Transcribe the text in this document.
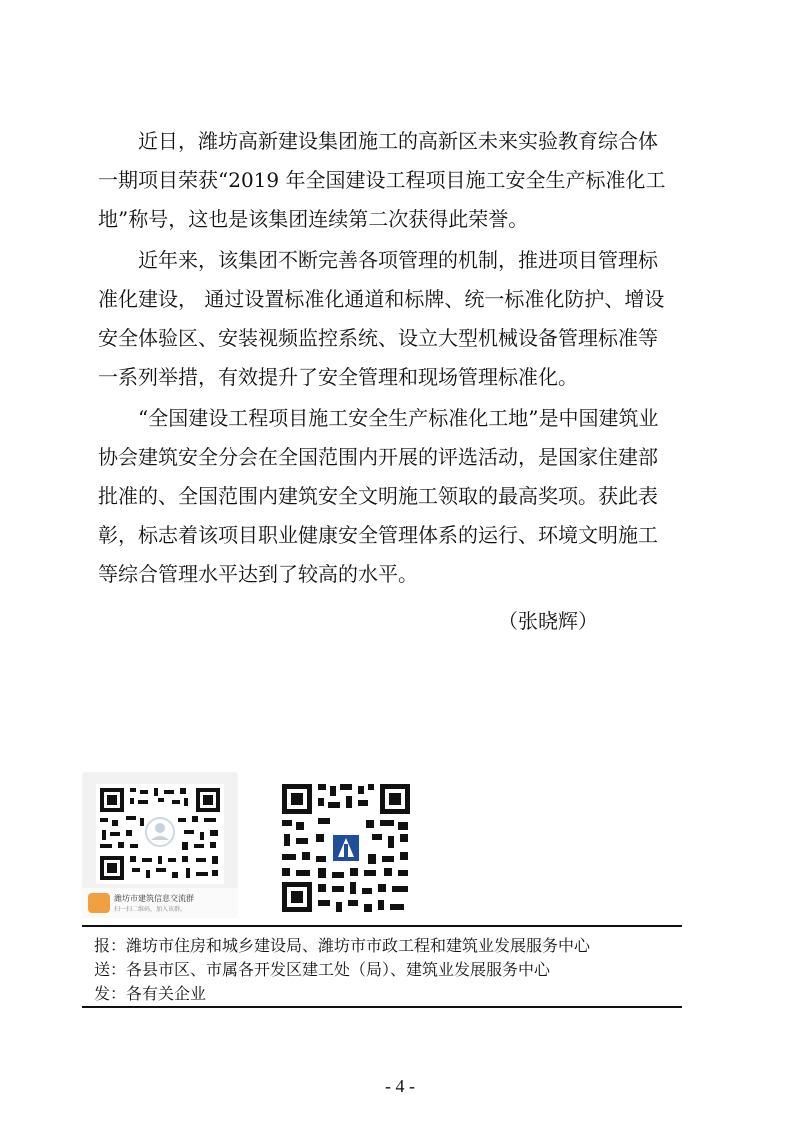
　　近日，潍坊高新建设集团施工的高新区未来实验教育综合体
一期项目荣获“2019 年全国建设工程项目施工安全生产标准化工
地”称号，这也是该集团连续第二次获得此荣誉。
　　近年来，该集团不断完善各项管理的机制，推进项目管理标
准化建设， 通过设置标准化通道和标牌、统一标准化防护、增设
安全体验区、安装视频监控系统、设立大型机械设备管理标准等
一系列举措，有效提升了安全管理和现场管理标准化。
　　“全国建设工程项目施工安全生产标准化工地”是中国建筑业
协会建筑安全分会在全国范围内开展的评选活动，是国家住建部
批准的、全国范围内建筑安全文明施工领取的最高奖项。获此表
彰，标志着该项目职业健康安全管理体系的运行、环境文明施工
等综合管理水平达到了较高的水平。
（张晓辉）
潍坊市建筑信息交流群
扫一扫二维码，加入该群。
报：潍坊市住房和城乡建设局、潍坊市市政工程和建筑业发展服务中心
送：各县市区、市属各开发区建工处（局）、建筑业发展服务中心
发：各有关企业
- 4 -
